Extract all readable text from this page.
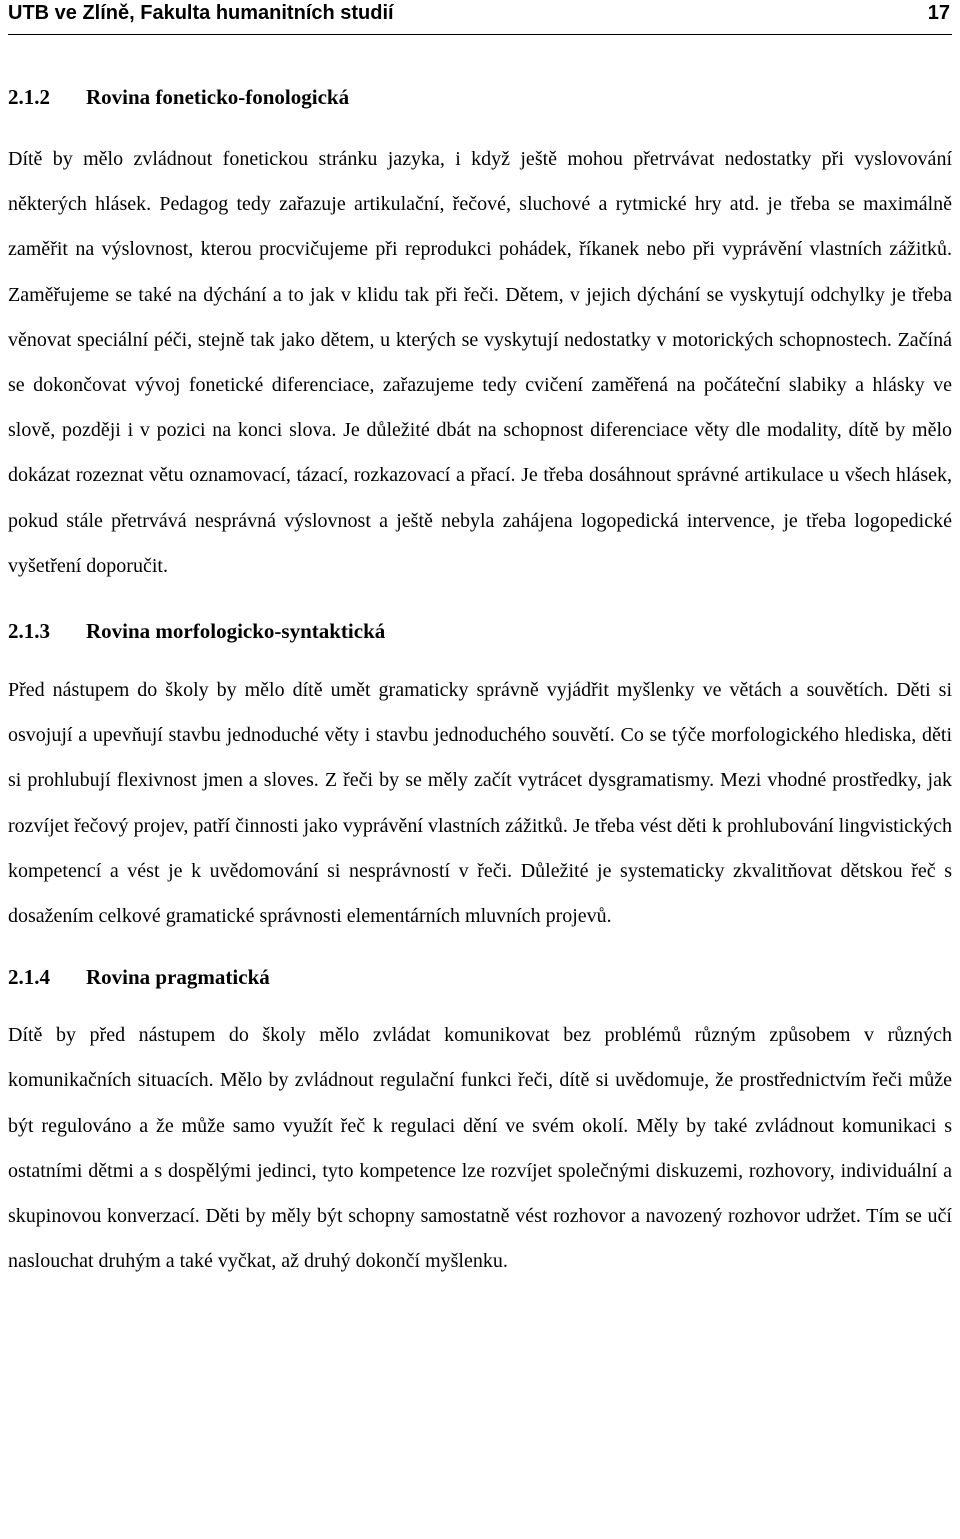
UTB ve Zlíně, Fakulta humanitních studií	17
2.1.2 Rovina foneticko-fonologická

Dítě by mělo zvládnout fonetickou stránku jazyka, i když ještě mohou přetrvávat nedostatky při vyslovování některých hlásek. Pedagog tedy zařazuje artikulační, řečové, sluchové a rytmické hry atd. je třeba se maximálně zaměřit na výslovnost, kterou procvičujeme při reprodukci pohádek, říkanek nebo při vyprávění vlastních zážitků. Zaměřujeme se také na dýchání a to jak v klidu tak při řeči. Dětem, v jejich dýchání se vyskytují odchylky je třeba věnovat speciální péči, stejně tak jako dětem, u kterých se vyskytují nedostatky v motorických schopnostech. Začíná se dokončovat vývoj fonetické diferenciace, zařazujeme tedy cvičení zaměřená na počáteční slabiky a hlásky ve slově, později i v pozici na konci slova. Je důležité dbát na schopnost diferenciace věty dle modality, dítě by mělo dokázat rozeznat větu oznamovací, tázací, rozkazovací a přací. Je třeba dosáhnout správné artikulace u všech hlásek, pokud stále přetrvává nesprávná výslovnost a ještě nebyla zahájena logopedická intervence, je třeba logopedické vyšetření doporučit.

2.1.3 Rovina morfologicko-syntaktická

Před nástupem do školy by mělo dítě umět gramaticky správně vyjádřit myšlenky ve větách a souvětích. Děti si osvojují a upevňují stavbu jednoduché věty i stavbu jednoduchého souvětí. Co se týče morfologického hlediska, děti si prohlubují flexivnost jmen a sloves. Z řeči by se měly začít vytrácet dysgramatismy. Mezi vhodné prostředky, jak rozvíjet řečový projev, patří činnosti jako vyprávění vlastních zážitků. Je třeba vést děti k prohlubování lingvistických kompetencí a vést je k uvědomování si nesprávností v řeči. Důležité je systematicky zkvalitňovat dětskou řeč s dosažením celkové gramatické správnosti elementárních mluvních projevů.

2.1.4 Rovina pragmatická

Dítě by před nástupem do školy mělo zvládat komunikovat bez problémů různým způsobem v různých komunikačních situacích. Mělo by zvládnout regulační funkci řeči, dítě si uvědomuje, že prostřednictvím řeči může být regulováno a že může samo využít řeč k regulaci dění ve svém okolí. Měly by také zvládnout komunikaci s ostatními dětmi a s dospělými jedinci, tyto kompetence lze rozvíjet společnými diskuzemi, rozhovory, individuální a skupinovou konverzací. Děti by měly být schopny samostatně vést rozhovor a navozený rozhovor udržet. Tím se učí naslouchat druhým a také vyčkat, až druhý dokončí myšlenku.
